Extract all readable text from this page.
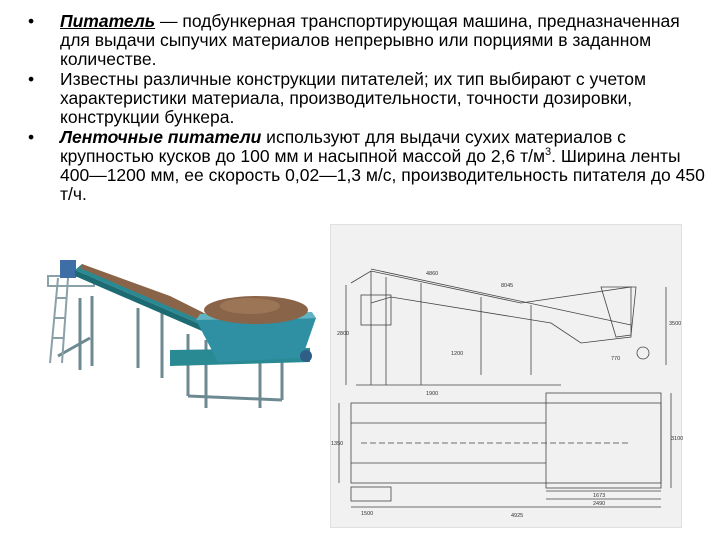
•	Питатель — подбункерная транспортирующая машина, предназначенная для выдачи сыпучих материалов непрерывно или порциями в заданном количестве.
•	Известны различные конструкции питателей; их тип выбирают с учетом характеристики материала, производительности, точности дозировки, конструкции бункера.
•	Ленточные питатели используют для выдачи сухих материалов с крупностью кусков до 100 мм и насыпной массой до 2,6 $т/м^3$. Ширина ленты 400—1200 мм, ее скорость 0,02—1,3 м/с, производительность питателя до 450 т/ч.
8045
4860
1900
1200
2800
3500
770
1350
3100
1673
2490
4925
1500
